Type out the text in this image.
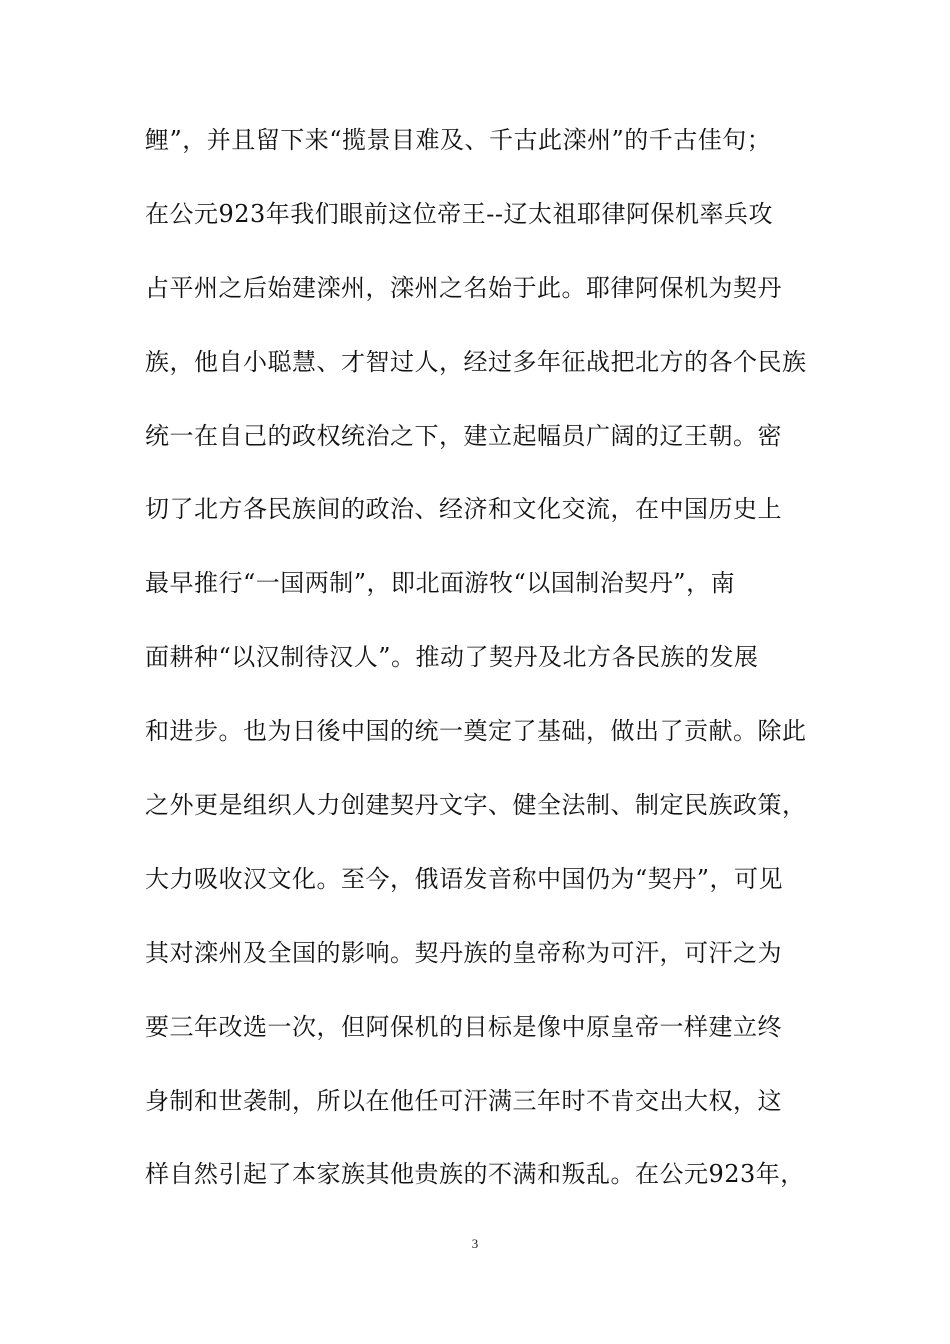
鲤”，并且留下来“揽景目难及、千古此滦州”的千古佳句；
在公元923年我们眼前这位帝王--辽太祖耶律阿保机率兵攻
占平州之后始建滦州，滦州之名始于此。耶律阿保机为契丹
族，他自小聪慧、才智过人，经过多年征战把北方的各个民族
统一在自己的政权统治之下，建立起幅员广阔的辽王朝。密
切了北方各民族间的政治、经济和文化交流，在中国历史上
最早推行“一国两制”，即北面游牧“以国制治契丹”，南
面耕种“以汉制待汉人”。推动了契丹及北方各民族的发展
和进步。也为日後中国的统一奠定了基础，做出了贡献。除此
之外更是组织人力创建契丹文字、健全法制、制定民族政策，
大力吸收汉文化。至今，俄语发音称中国仍为“契丹”，可见
其对滦州及全国的影响。契丹族的皇帝称为可汗，可汗之为
要三年改选一次，但阿保机的目标是像中原皇帝一样建立终
身制和世袭制，所以在他任可汗满三年时不肯交出大权，这
样自然引起了本家族其他贵族的不满和叛乱。在公元923年，
3
